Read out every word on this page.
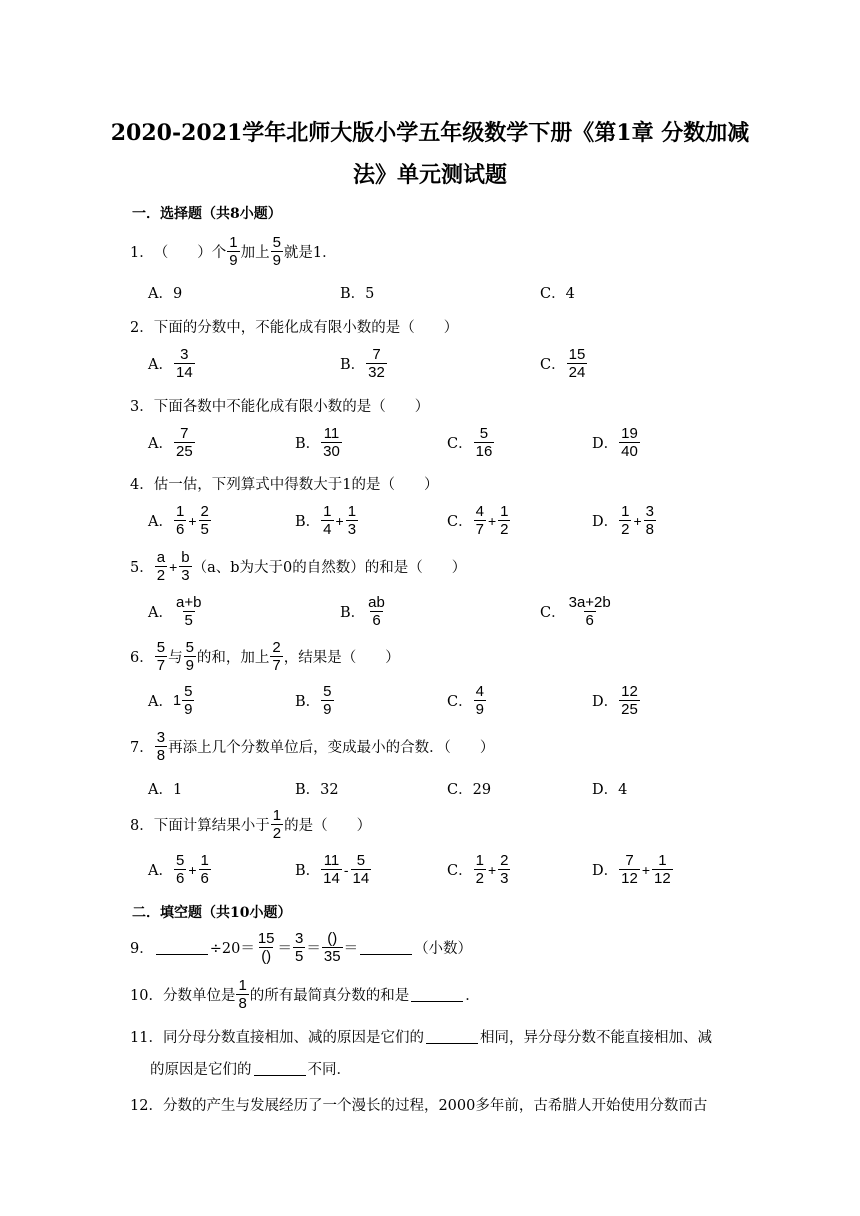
2020-2021学年北师大版小学五年级数学下册《第1章 分数加减
法》单元测试题
一．选择题（共8小题）
1． （　　）个 $\frac{1}{9}$ 加上 $\frac{5}{9}$ 就是1．
A．9	B．5	C．4
2．下面的分数中，不能化成有限小数的是（　　）
A． $\frac{3}{14}$	B． $\frac{7}{32}$	C． $\frac{15}{24}$
3．下面各数中不能化成有限小数的是（　　）
A． $\frac{7}{25}$	B． $\frac{11}{30}$	C． $\frac{5}{16}$	D． $\frac{19}{40}$
4．估一估，下列算式中得数大于1的是（　　）
A． $\frac{1}{6} + \frac{2}{5}$	B． $\frac{1}{4} + \frac{1}{3}$	C． $\frac{4}{7} + \frac{1}{2}$	D． $\frac{1}{2} + \frac{3}{8}$
5． $\frac{a}{2} + \frac{b}{3} (a$、b为大于0的自然数）的和是（　　）
A． $\frac{a+b}{5}$	B． $\frac{ab}{6}$	C． $\frac{3a+2b}{6}$
6． $\frac{5}{7}$ 与 $\frac{5}{9}$ 的和，加上 $\frac{2}{7}$ ，结果是（　　）
A． $1 \frac{5}{9}$	B． $\frac{5}{9}$	C． $\frac{4}{9}$	D． $\frac{12}{25}$
7． $\frac{3}{8}$ 再添上几个分数单位后，变成最小的合数．（　　）
A．1	B．32	C．29	D．4
8． 下面计算结果小于 $\frac{1}{2}$ 的是（　　）
A． $\frac{5}{6} + \frac{1}{6}$	B． $\frac{11}{14} - \frac{5}{14}$	C． $\frac{1}{2} + \frac{2}{3}$	D． $\frac{7}{12} + \frac{1}{12}$
二．填空题（共10小题）
9．	$\div 20= \frac{15}{()} = \frac{3}{5} = \frac{()}{35}$ ＝	（小数）
10． 分数单位是 $\frac{1}{8}$ 的所有最简真分数的和是	．
11．同分母分数直接相加、减的原因是它们的	相同，异分母分数不能直接相加、减
的原因是它们的	不同．
12．分数的产生与发展经历了一个漫长的过程，2000多年前，古希腊人开始使用分数而古
